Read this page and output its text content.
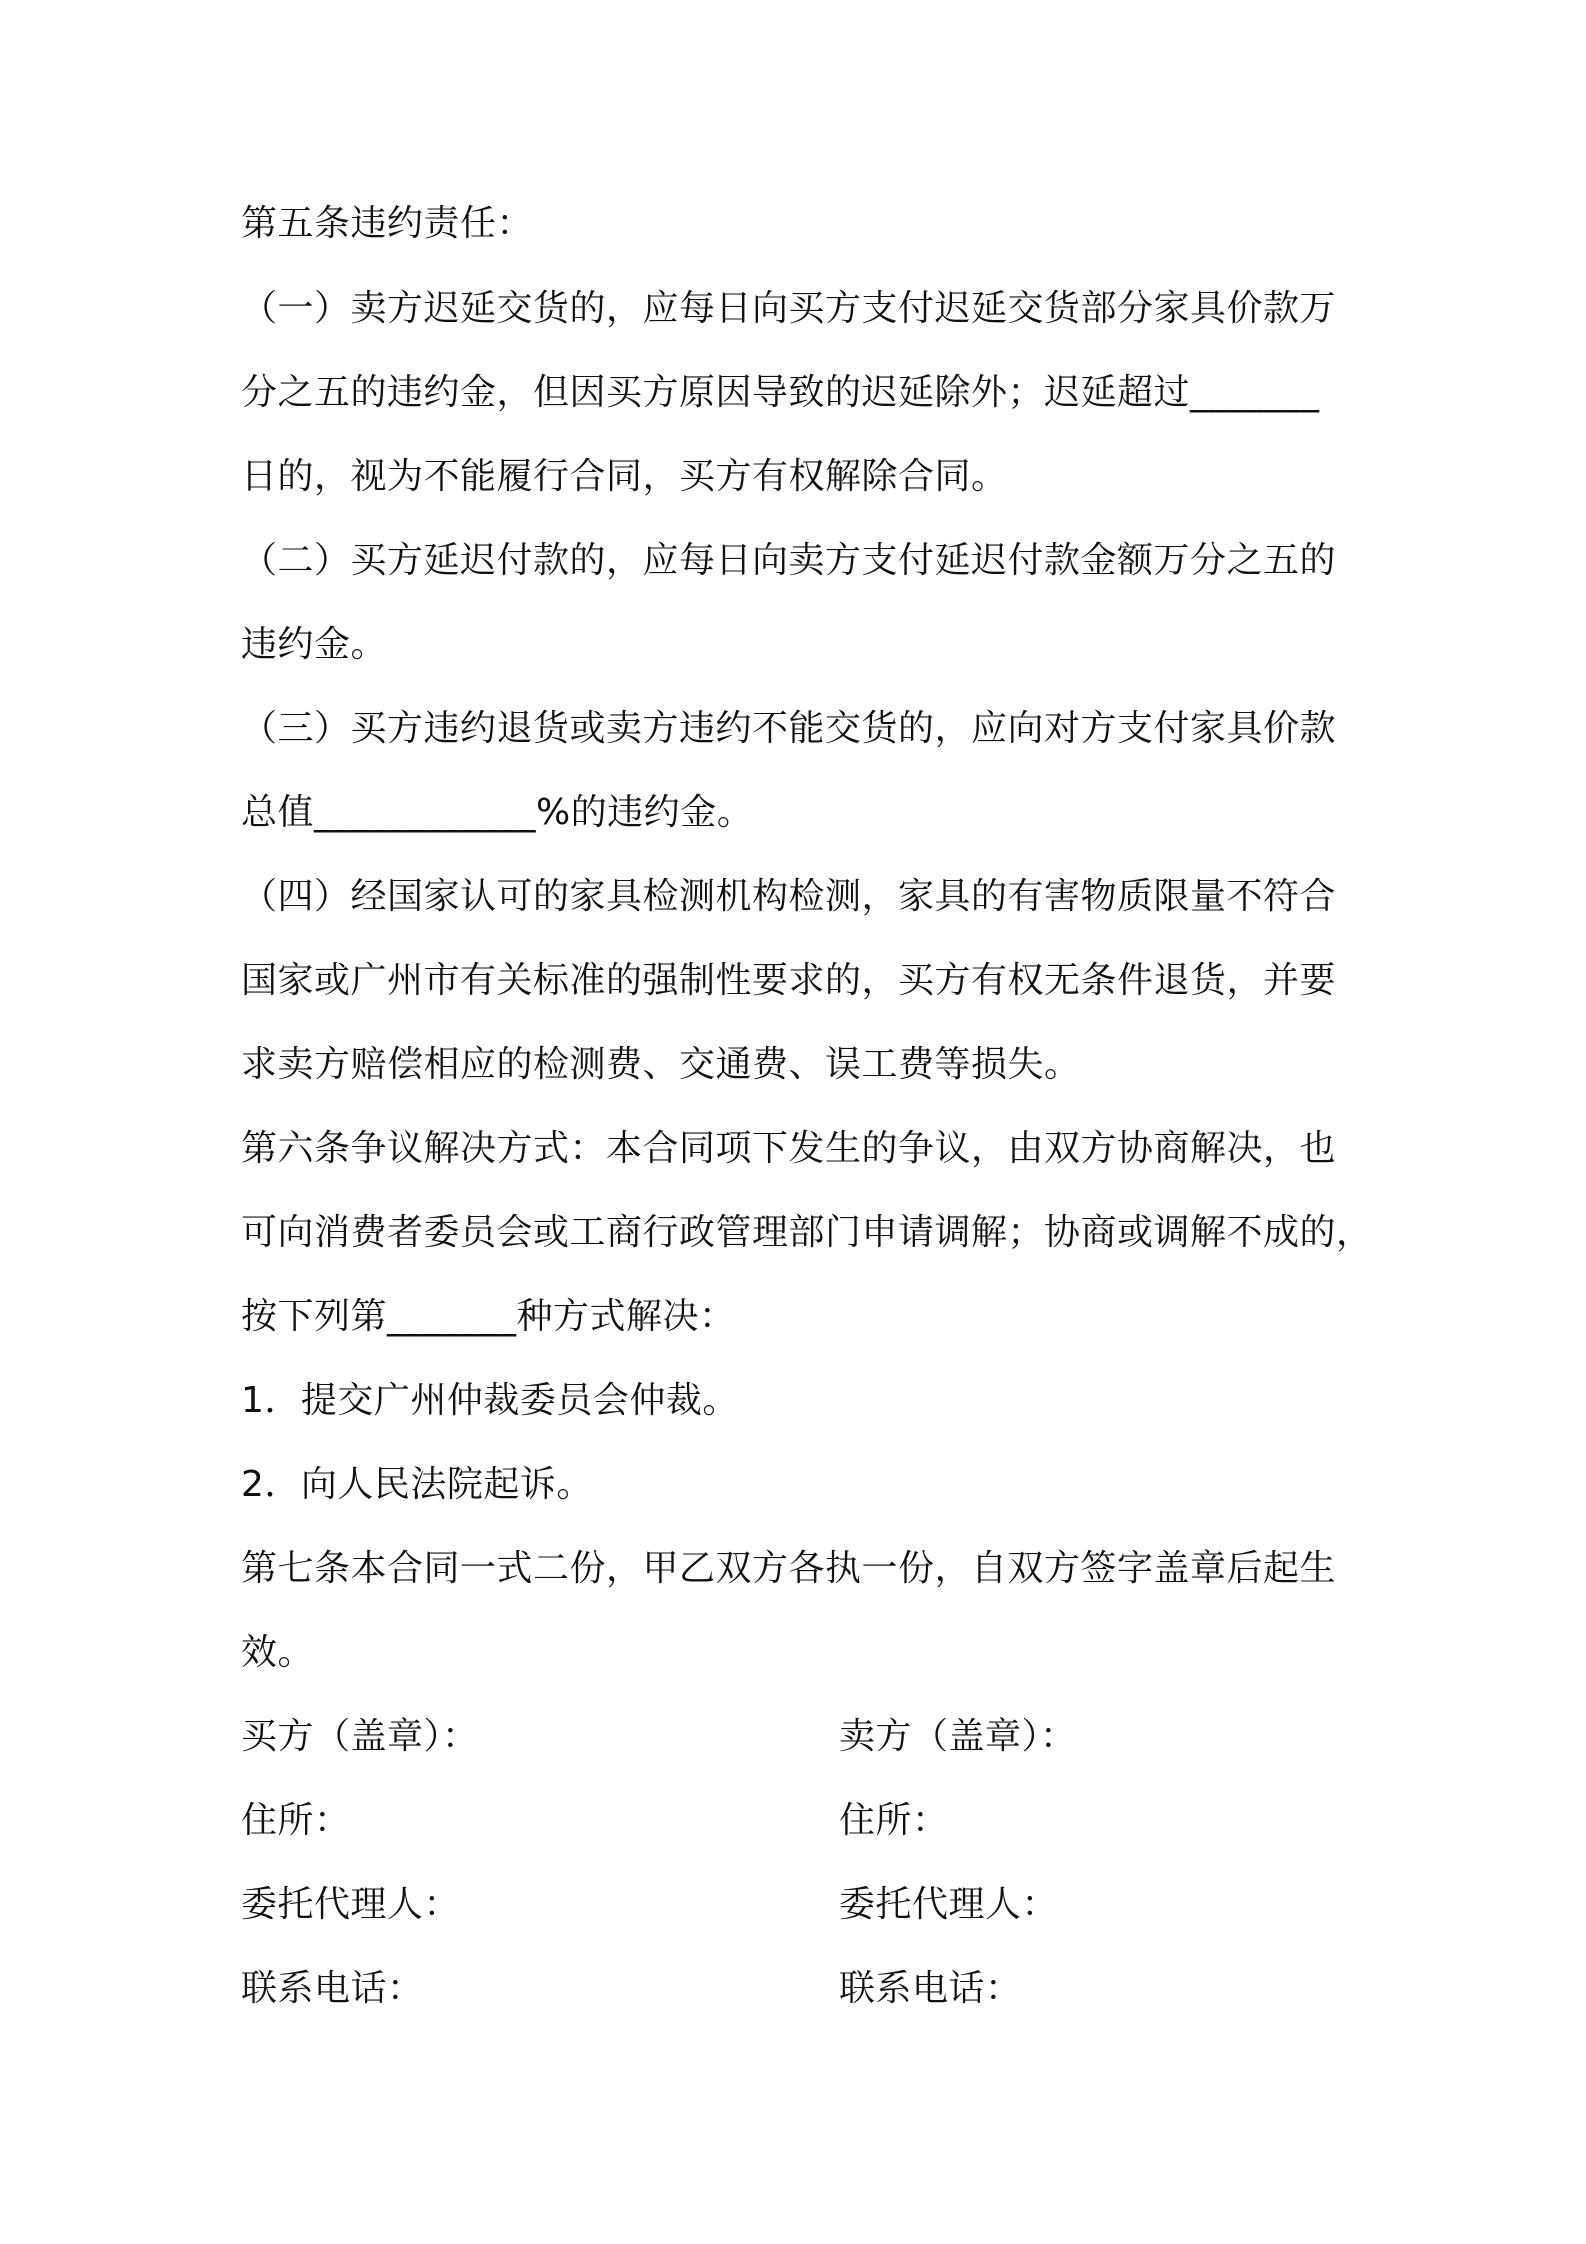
第五条违约责任：
（一）卖方迟延交货的，应每日向买方支付迟延交货部分家具价款万
分之五的违约金，但因买方原因导致的迟延除外；迟延超过_______
日的，视为不能履行合同，买方有权解除合同。
（二）买方延迟付款的，应每日向卖方支付延迟付款金额万分之五的
违约金。
（三）买方违约退货或卖方违约不能交货的，应向对方支付家具价款
总值____________%的违约金。
（四）经国家认可的家具检测机构检测，家具的有害物质限量不符合
国家或广州市有关标准的强制性要求的，买方有权无条件退货，并要
求卖方赔偿相应的检测费、交通费、误工费等损失。
第六条争议解决方式：本合同项下发生的争议，由双方协商解决，也
可向消费者委员会或工商行政管理部门申请调解；协商或调解不成的，
按下列第_______种方式解决：
1．提交广州仲裁委员会仲裁。
2．向人民法院起诉。
第七条本合同一式二份，甲乙双方各执一份，自双方签字盖章后起生
效。
买方（盖章）：	卖方（盖章）：
住所：	住所：
委托代理人：	委托代理人：
联系电话：	联系电话：
